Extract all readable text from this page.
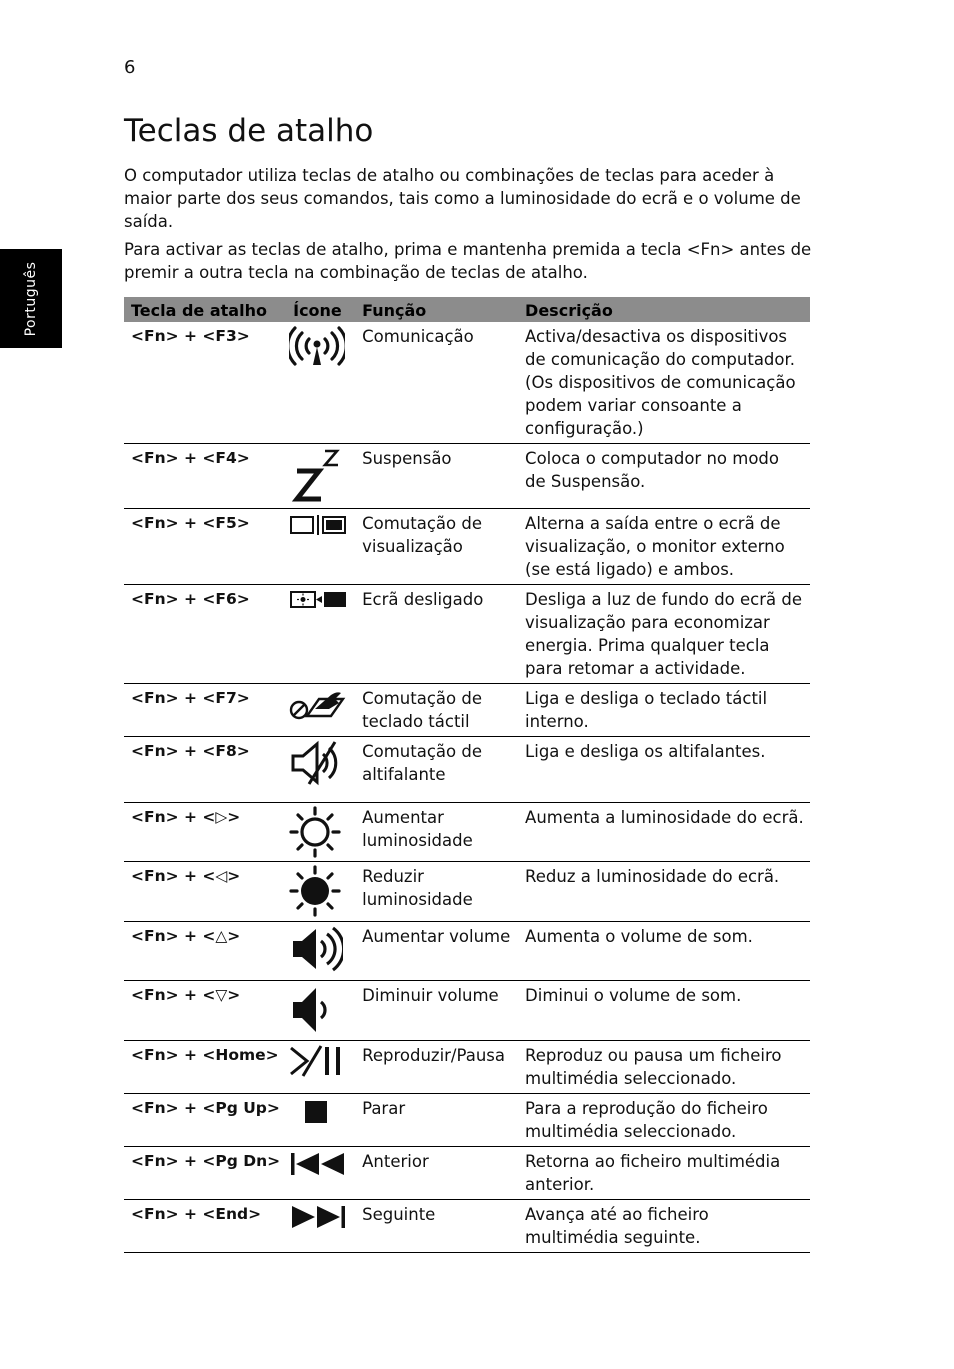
Português
6
Teclas de atalho

O computador utiliza teclas de atalho ou combinações de teclas para aceder à maior parte dos seus comandos, tais como a luminosidade do ecrã e o volume de saída.

Para activar as teclas de atalho, prima e mantenha premida a tecla <Fn> antes de premir a outra tecla na combinação de teclas de atalho.

Tecla de atalho	Ícone	Função	Descrição
<Fn> + <F3>		Comunicação	Activa/desactiva os dispositivos de comunicação do computador. (Os dispositivos de comunicação podem variar consoante a configuração.)
<Fn> + <F4>		Suspensão	Coloca o computador no modo de Suspensão.
<Fn> + <F5>		Comutação de visualização	Alterna a saída entre o ecrã de visualização, o monitor externo (se está ligado) e ambos.
<Fn> + <F6>		Ecrã desligado	Desliga a luz de fundo do ecrã de visualização para economizar energia. Prima qualquer tecla para retomar a actividade.
<Fn> + <F7>		Comutação de teclado táctil	Liga e desliga o teclado táctil interno.
<Fn> + <F8>		Comutação de altifalante	Liga e desliga os altifalantes.
<Fn> + <▷>		Aumentar luminosidade	Aumenta a luminosidade do ecrã.
<Fn> + <◁>		Reduzir luminosidade	Reduz a luminosidade do ecrã.
<Fn> + <△>		Aumentar volume	Aumenta o volume de som.
<Fn> + <▽>		Diminuir volume	Diminui o volume de som.
<Fn> + <Home>		Reproduzir/Pausa	Reproduz ou pausa um ficheiro multimédia seleccionado.
<Fn> + <Pg Up>		Parar	Para a reprodução do ficheiro multimédia seleccionado.
<Fn> + <Pg Dn>		Anterior	Retorna ao ficheiro multimédia anterior.
<Fn> + <End>		Seguinte	Avança até ao ficheiro multimédia seguinte.
